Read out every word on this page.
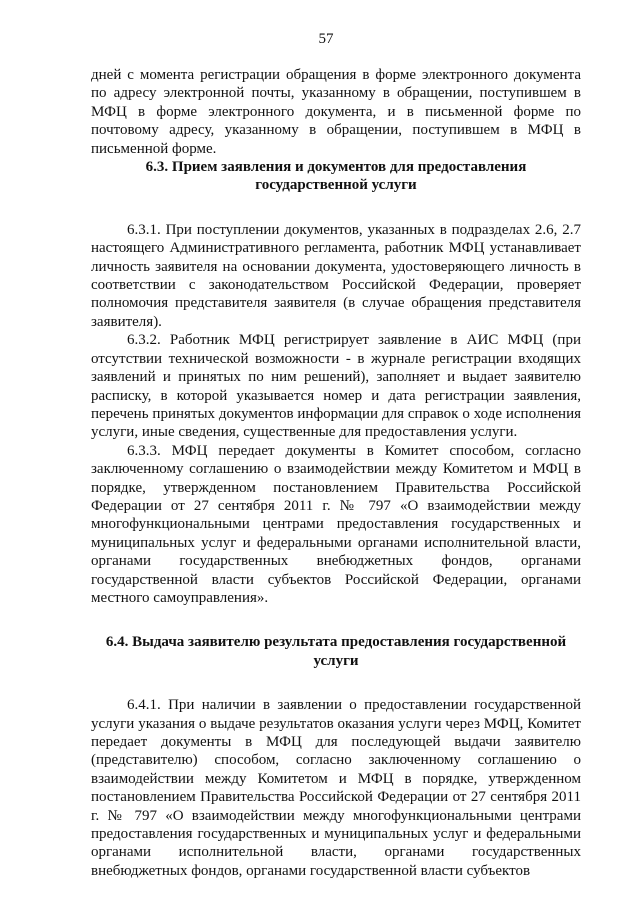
57

дней с момента регистрации обращения в форме электронного документа по адресу электронной почты, указанному в обращении, поступившем в МФЦ в форме электронного документа, и в письменной форме по почтовому адресу, указанному в обращении, поступившем в МФЦ в письменной форме.

6.3. Прием заявления и документов для предоставления государственной услуги

6.3.1. При поступлении документов, указанных в подразделах 2.6, 2.7 настоящего Административного регламента, работник МФЦ устанавливает личность заявителя на основании документа, удостоверяющего личность в соответствии с законодательством Российской Федерации, проверяет полномочия представителя заявителя (в случае обращения представителя заявителя).

6.3.2. Работник МФЦ регистрирует заявление в АИС МФЦ (при отсутствии технической возможности - в журнале регистрации входящих заявлений и принятых по ним решений), заполняет и выдает заявителю расписку, в которой указывается номер и дата регистрации заявления, перечень принятых документов информации для справок о ходе исполнения услуги, иные сведения, существенные для предоставления услуги.

6.3.3. МФЦ передает документы в Комитет способом, согласно заключенному соглашению о взаимодействии между Комитетом и МФЦ в порядке, утвержденном постановлением Правительства Российской Федерации от 27 сентября 2011 г. № 797 «О взаимодействии между многофункциональными центрами предоставления государственных и муниципальных услуг и федеральными органами исполнительной власти, органами государственных внебюджетных фондов, органами государственной власти субъектов Российской Федерации, органами местного самоуправления».

6.4. Выдача заявителю результата предоставления государственной услуги

6.4.1. При наличии в заявлении о предоставлении государственной услуги указания о выдаче результатов оказания услуги через МФЦ, Комитет передает документы в МФЦ для последующей выдачи заявителю (представителю) способом, согласно заключенному соглашению о взаимодействии между Комитетом и МФЦ в порядке, утвержденном постановлением Правительства Российской Федерации от 27 сентября 2011 г. № 797 «О взаимодействии между многофункциональными центрами предоставления государственных и муниципальных услуг и федеральными органами исполнительной власти, органами государственных внебюджетных фондов, органами государственной власти субъектов
